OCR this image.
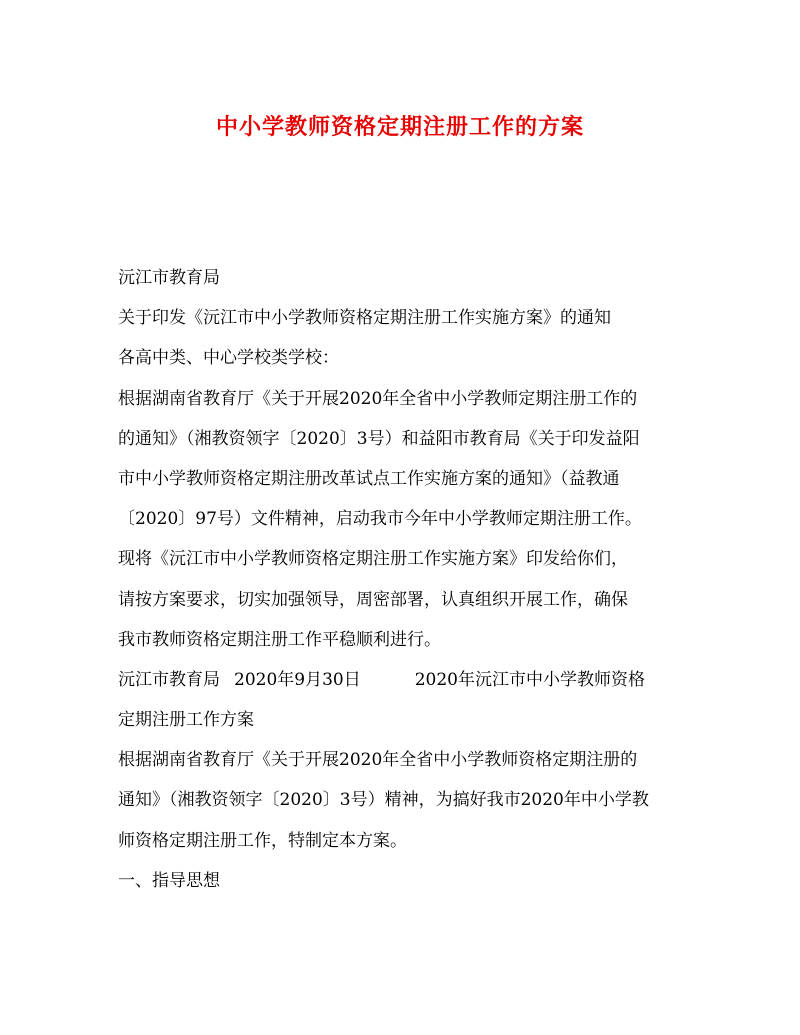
中小学教师资格定期注册工作的方案
沅江市教育局
关于印发《沅江市中小学教师资格定期注册工作实施方案》的通知
各高中类、中心学校类学校：
根据湖南省教育厅《关于开展2020年全省中小学教师定期注册工作的
的通知》（湘教资领字〔2020〕3号）和益阳市教育局《关于印发益阳
市中小学教师资格定期注册改革试点工作实施方案的通知》（益教通
〔2020〕97号）文件精神，启动我市今年中小学教师定期注册工作。
现将《沅江市中小学教师资格定期注册工作实施方案》印发给你们，
请按方案要求，切实加强领导，周密部署，认真组织开展工作，确保
我市教师资格定期注册工作平稳顺利进行。
沅江市教育局 2020年9月30日	2020年沅江市中小学教师资格
定期注册工作方案
根据湖南省教育厅《关于开展2020年全省中小学教师资格定期注册的
通知》（湘教资领字〔2020〕3号）精神，为搞好我市2020年中小学教
师资格定期注册工作，特制定本方案。
一、指导思想
